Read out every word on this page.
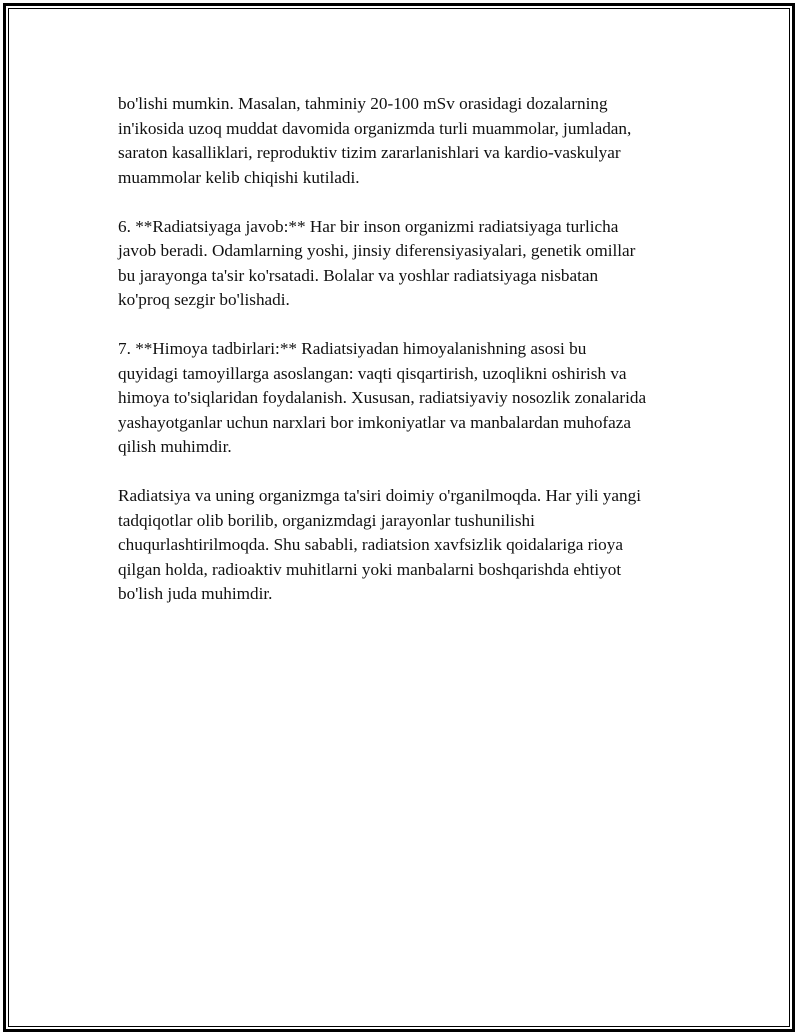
bo'lishi mumkin. Masalan, tahminiy 20-100 mSv orasidagi dozalarning
in'ikosida uzoq muddat davomida organizmda turli muammolar, jumladan,
saraton kasalliklari, reproduktiv tizim zararlanishlari va kardio-vaskulyar
muammolar kelib chiqishi kutiladi.

6. **Radiatsiyaga javob:** Har bir inson organizmi radiatsiyaga turlicha
javob beradi. Odamlarning yoshi, jinsiy diferensiyasiyalari, genetik omillar
bu jarayonga ta'sir ko'rsatadi. Bolalar va yoshlar radiatsiyaga nisbatan
ko'proq sezgir bo'lishadi.

7. **Himoya tadbirlari:** Radiatsiyadan himoyalanishning asosi bu
quyidagi tamoyillarga asoslangan: vaqti qisqartirish, uzoqlikni oshirish va
himoya to'siqlaridan foydalanish. Xususan, radiatsiyaviy nosozlik zonalarida
yashayotganlar uchun narxlari bor imkoniyatlar va manbalardan muhofaza
qilish muhimdir.

Radiatsiya va uning organizmga ta'siri doimiy o'rganilmoqda. Har yili yangi
tadqiqotlar olib borilib, organizmdagi jarayonlar tushunilishi
chuqurlashtirilmoqda. Shu sababli, radiatsion xavfsizlik qoidalariga rioya
qilgan holda, radioaktiv muhitlarni yoki manbalarni boshqarishda ehtiyot
bo'lish juda muhimdir.
